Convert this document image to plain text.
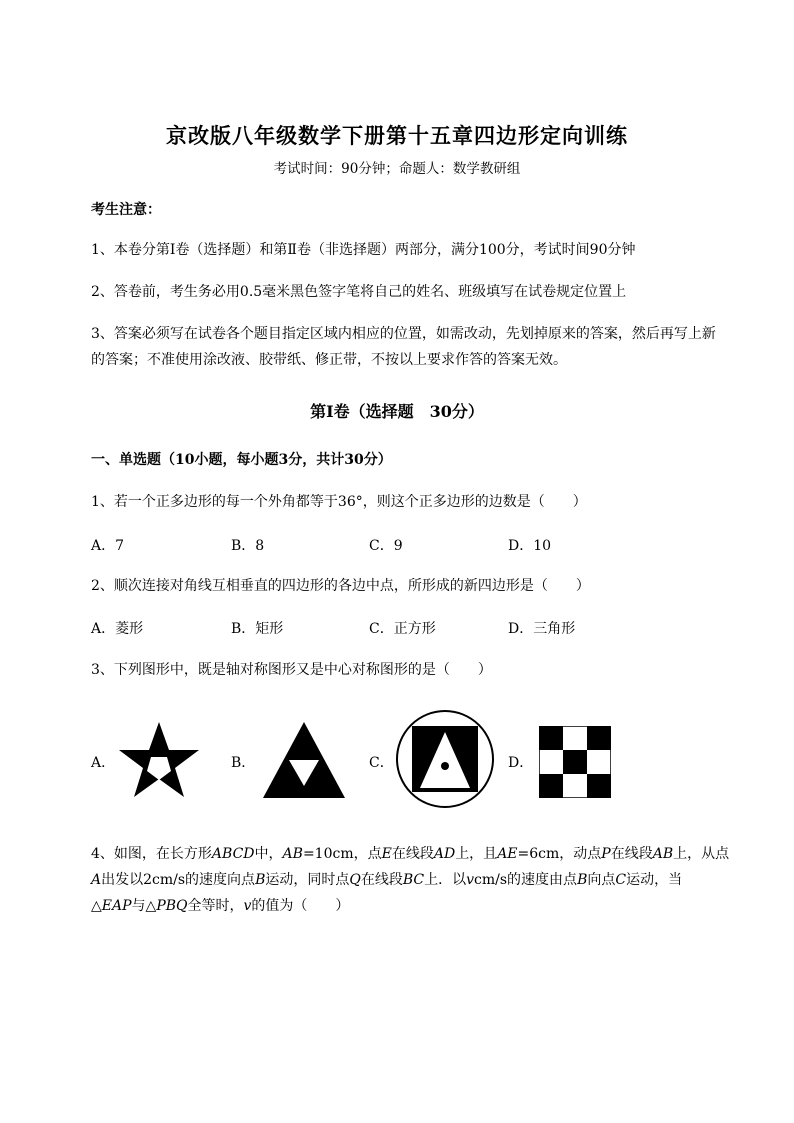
京改版八年级数学下册第十五章四边形定向训练
考试时间：90分钟；命题人：数学教研组
考生注意：
1、本卷分第I卷（选择题）和第Ⅱ卷（非选择题）两部分，满分100分，考试时间90分钟
2、答卷前，考生务必用0.5毫米黑色签字笔将自己的姓名、班级填写在试卷规定位置上
3、答案必须写在试卷各个题目指定区域内相应的位置，如需改动，先划掉原来的答案，然后再写上新
的答案；不准使用涂改液、胶带纸、修正带，不按以上要求作答的答案无效。
第I卷（选择题　30分）
一、单选题（10小题，每小题3分，共计30分）
1、若一个正多边形的每一个外角都等于36°，则这个正多边形的边数是（　　）
A．7	B．8	C．9	D．10
2、顺次连接对角线互相垂直的四边形的各边中点，所形成的新四边形是（　　）
A．菱形	B．矩形	C．正方形	D．三角形
3、下列图形中，既是轴对称图形又是中心对称图形的是（　　）
A．	B．	C．	D．
4、如图，在长方形ABCD中，AB=10cm，点E在线段AD上，且AE=6cm，动点P在线段AB上，从点
A出发以2cm/s的速度向点B运动，同时点Q在线段BC上．以vcm/s的速度由点B向点C运动，当
△EAP与△PBQ全等时，v的值为（　　）
